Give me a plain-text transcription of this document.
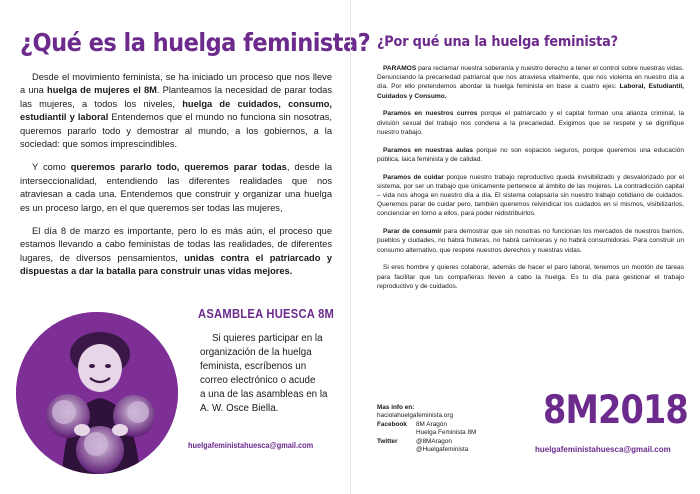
¿Qué es la huelga feminista?

Desde el movimiento feminista, se ha iniciado un proceso que nos lleve a una huelga de mujeres el 8M. Planteamos la necesidad de parar todas las mujeres, a todos los niveles, huelga de cuidados, consumo, estudiantil y laboral Entendemos que el mundo no funciona sin nosotras, queremos pararlo todo y demostrar al mundo, a los gobiernos, a la sociedad: que somos imprescindibles.

Y como queremos pararlo todo, queremos parar todas, desde la interseccionalidad, entendiendo las diferentes realidades que nos atraviesan a cada una. Entendemos que construir y organizar una huelga es un proceso largo, en el que queremos ser todas las mujeres,

El día 8 de marzo es importante, pero lo es más aún, el proceso que estamos llevando a cabo feministas de todas las realidades, de diferentes lugares, de diversos pensamientos, unidas contra el patriarcado y dispuestas a dar la batalla para construir unas vidas mejores.

ASAMBLEA HUESCA 8M
Si quieres participar en la
organización de la huelga
feminista, escríbenos un
correo electrónico o acude
a una de las asambleas en la
A. W. Osce Biella.
huelgafeministahuesca@gmail.com
¿Por qué una la huelga feminista?

PARAMOS para reclamar nuestra soberanía y nuestro derecho a tener el control sobre nuestras vidas. Denunciando la precariedad patriarcal que nos atraviesa vitalmente, que nos violenta en nuestro día a día. Por ello pretendemos abordar la huelga feminista en base a cuatro ejes: Laboral, Estudiantil, Cuidados y Consumo.

Paramos en nuestros curros porque el patriarcado y el capital forman una alianza criminal, la división sexual del trabajo nos condena a la precariedad. Exigimos que se respete y se dignifique nuestro trabajo.

Paramos en nuestras aulas porque no son espacios seguros, porque queremos una educación pública, laica feminista y de calidad.

Paramos de cuidar porque nuestro trabajo reproductivo queda invisibilizado y desvalorizado por el sistema, por ser un trabajo que únicamente pertenece al ámbito de las mujeres. La contradicción capital – vida nos ahoga en nuestro día a día. El sistema colapsaría sin nuestro trabajo cotidiano de cuidados. Queremos parar de cuidar pero, también queremos reivindicar los cuidados en sí mismos, visibilizarlos, concienciar en torno a ellos, para poder redistribuirlos.

Parar de consumir para demostrar que sin nosotras no funcionan los mercados de nuestros barrios, pueblos y ciudades, no habrá fruteras, no habrá carniceras y no habrá consumidoras. Para construir un consumo alternativo, que respete nuestros derechos y nuestras vidas.

Si eres hombre y quieres colaborar, además de hacer el paro laboral, tenemos un montón de tareas para facilitar que tus compañeras lleven a cabo la huelga. Es tu día para gestionar el trabajo reproductivo y de cuidados.

Mas info en:
haciolahuelgafeminista.org
Facebook	8M Aragón
Huelga Feminista 8M
Twitter	@8MAragon
@Huelgafeminista
8M2018
huelgafeministahuesca@gmail.com
